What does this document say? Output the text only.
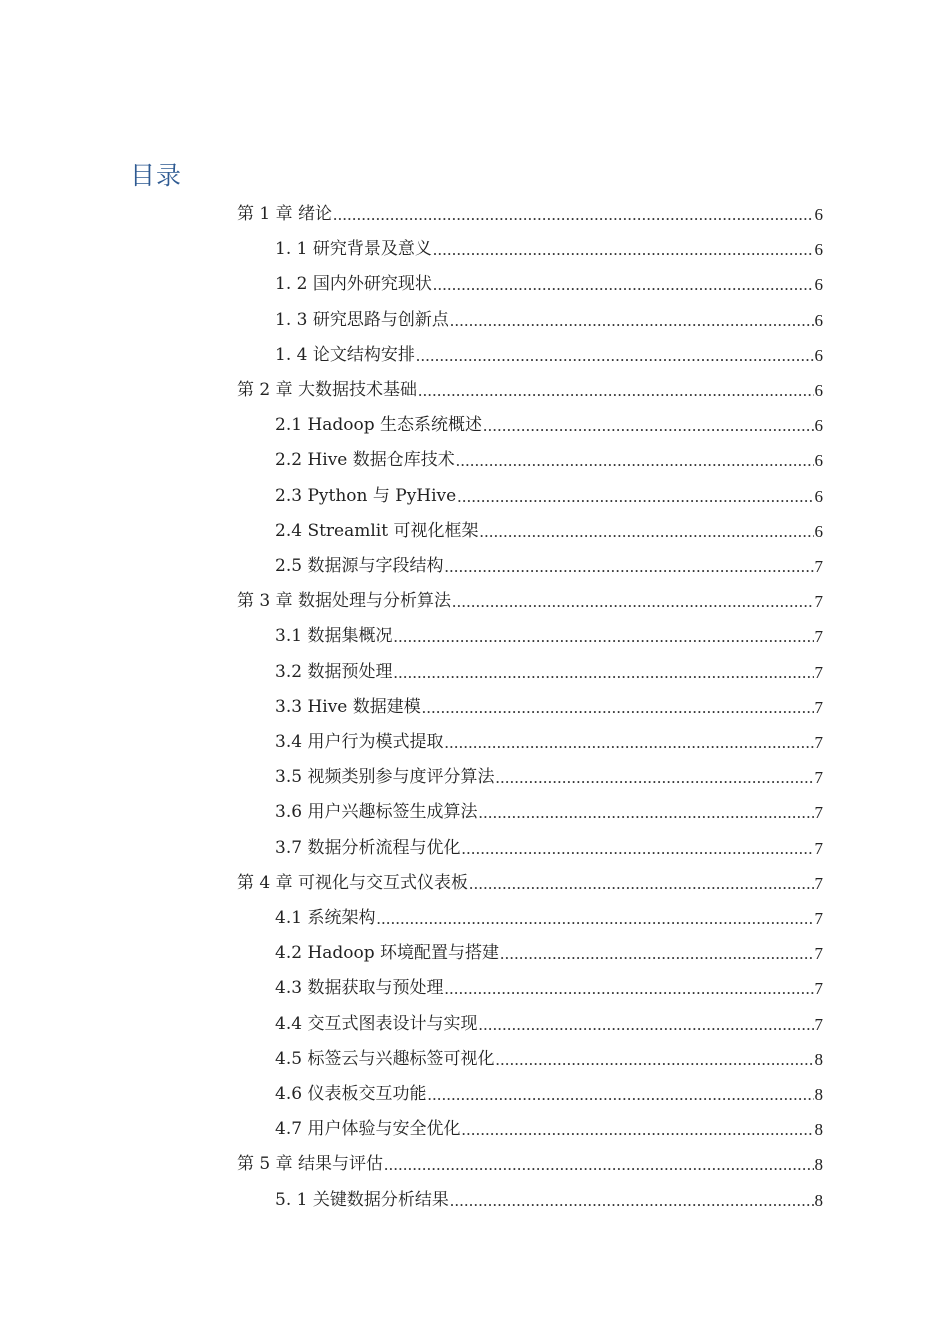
目录
第 1 章 绪论 .....	6
1. 1 研究背景及意义 .....	6
1. 2 国内外研究现状 .....	6
1. 3 研究思路与创新点 .....	6
1. 4 论文结构安排 .....	6
第 2 章 大数据技术基础 .....	6
2.1 Hadoop 生态系统概述 .....	6
2.2 Hive 数据仓库技术 .....	6
2.3 Python 与 PyHive .....	6
2.4 Streamlit 可视化框架 .....	6
2.5 数据源与字段结构 .....	7
第 3 章 数据处理与分析算法 .....	7
3.1 数据集概况 .....	7
3.2 数据预处理 .....	7
3.3 Hive 数据建模 .....	7
3.4 用户行为模式提取 .....	7
3.5 视频类别参与度评分算法 .....	7
3.6 用户兴趣标签生成算法 .....	7
3.7 数据分析流程与优化 .....	7
第 4 章 可视化与交互式仪表板 .....	7
4.1 系统架构 .....	7
4.2 Hadoop 环境配置与搭建 .....	7
4.3 数据获取与预处理 .....	7
4.4 交互式图表设计与实现 .....	7
4.5 标签云与兴趣标签可视化 .....	8
4.6 仪表板交互功能 .....	8
4.7 用户体验与安全优化 .....	8
第 5 章 结果与评估 .....	8
5. 1 关键数据分析结果 .....	8
